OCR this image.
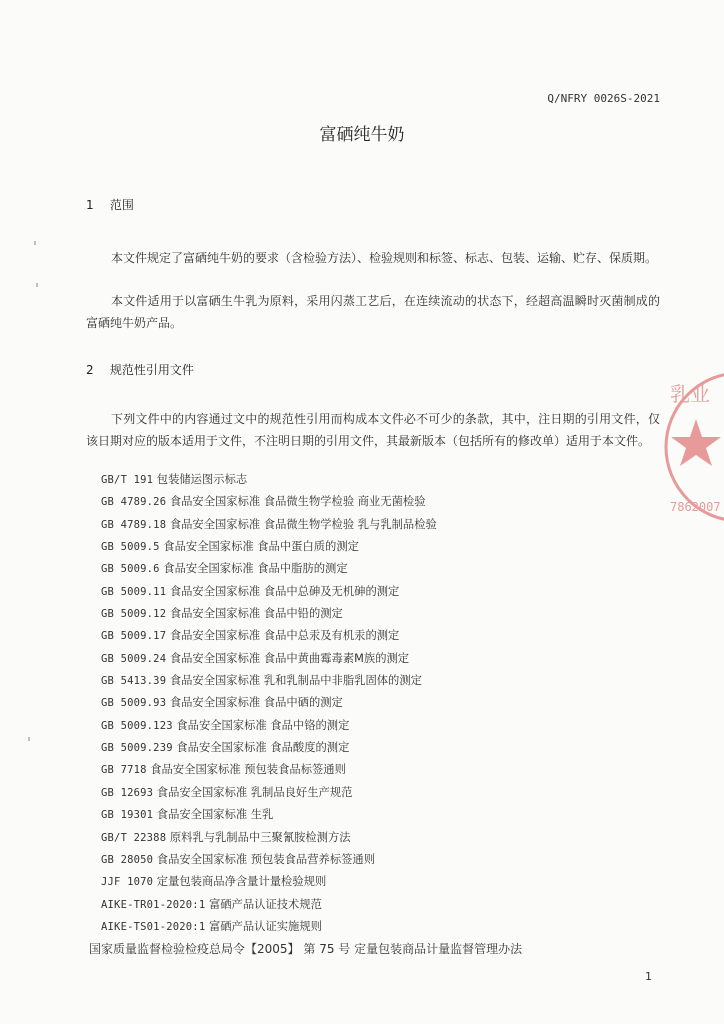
Q/NFRY 0026S-2021
富硒纯牛奶
1 范围
本文件规定了富硒纯牛奶的要求（含检验方法）、检验规则和标签、标志、包装、运输、贮存、保质期。
本文件适用于以富硒生牛乳为原料，采用闪蒸工艺后，在连续流动的状态下，经超高温瞬时灭菌制成的富硒纯牛奶产品。
2 规范性引用文件
下列文件中的内容通过文中的规范性引用而构成本文件必不可少的条款，其中，注日期的引用文件，仅该日期对应的版本适用于文件，不注明日期的引用文件，其最新版本（包括所有的修改单）适用于本文件。
GB/T 191 包装储运图示标志
GB 4789.26 食品安全国家标准 食品微生物学检验 商业无菌检验
GB 4789.18 食品安全国家标准 食品微生物学检验 乳与乳制品检验
GB 5009.5 食品安全国家标准 食品中蛋白质的测定
GB 5009.6 食品安全国家标准 食品中脂肪的测定
GB 5009.11 食品安全国家标准 食品中总砷及无机砷的测定
GB 5009.12 食品安全国家标准 食品中铅的测定
GB 5009.17 食品安全国家标准 食品中总汞及有机汞的测定
GB 5009.24 食品安全国家标准 食品中黄曲霉毒素M族的测定
GB 5413.39 食品安全国家标准 乳和乳制品中非脂乳固体的测定
GB 5009.93 食品安全国家标准 食品中硒的测定
GB 5009.123 食品安全国家标准 食品中铬的测定
GB 5009.239 食品安全国家标准 食品酸度的测定
GB 7718 食品安全国家标准 预包装食品标签通则
GB 12693 食品安全国家标准 乳制品良好生产规范
GB 19301 食品安全国家标准 生乳
GB/T 22388 原料乳与乳制品中三聚氰胺检测方法
GB 28050 食品安全国家标准 预包装食品营养标签通则
JJF 1070 定量包装商品净含量计量检验规则
AIKE-TR01-2020:1 富硒产品认证技术规范
AIKE-TS01-2020:1 富硒产品认证实施规则
国家质量监督检验检疫总局令【2005】 第 75 号 定量包装商品计量监督管理办法
1
乳业
7862007
